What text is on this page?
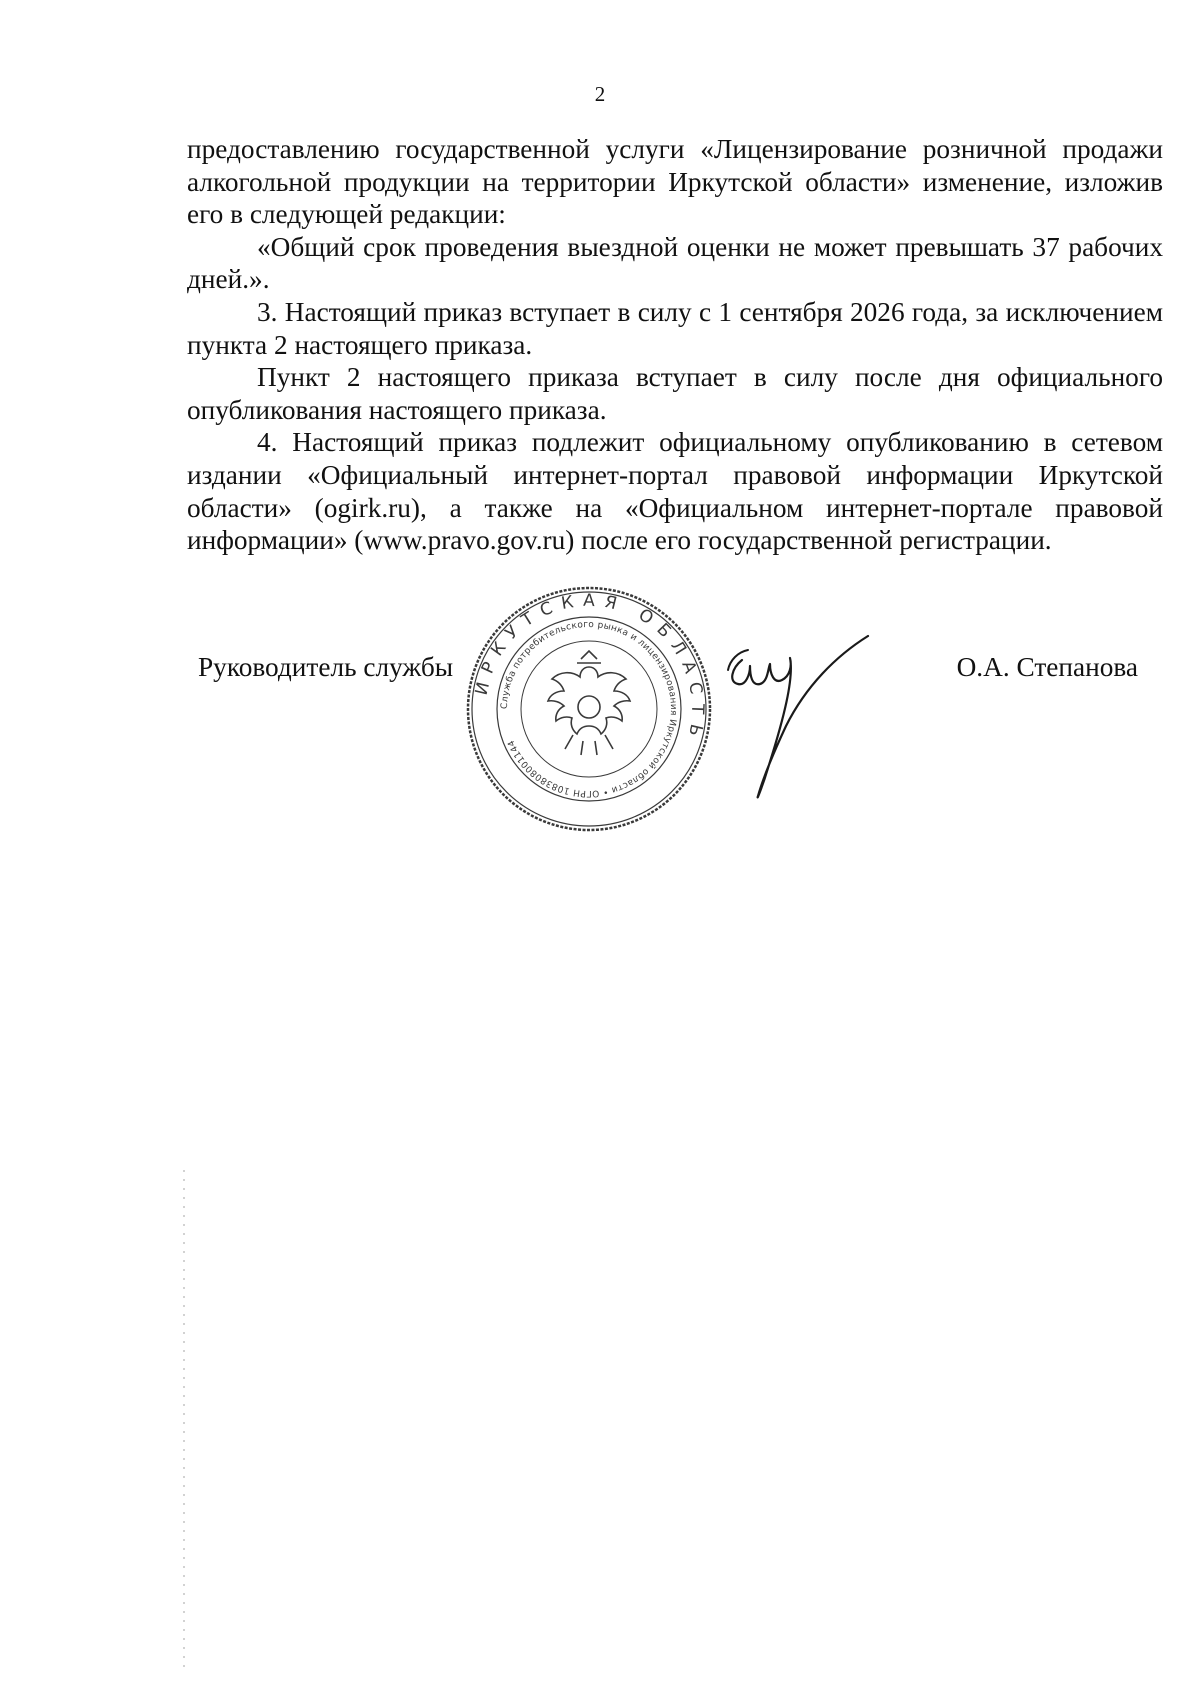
2

предоставлению государственной услуги «Лицензирование розничной продажи алкогольной продукции на территории Иркутской области» изменение, изложив его в следующей редакции:

«Общий срок проведения выездной оценки не может превышать 37 рабочих дней.».

3. Настоящий приказ вступает в силу с 1 сентября 2026 года, за исключением пункта 2 настоящего приказа.

Пункт 2 настоящего приказа вступает в силу после дня официального опубликования настоящего приказа.

4. Настоящий приказ подлежит официальному опубликованию в сетевом издании «Официальный интернет-портал правовой информации Иркутской области» (ogirk.ru), а также на «Официальном интернет-портале правовой информации» (www.pravo.gov.ru) после его государственной регистрации.

Руководитель службы	О.А. Степанова
ИРКУТСКАЯ ОБЛАСТЬ
Служба потребительского рынка и лицензирования Иркутской области • ОГРН 1083808001144
